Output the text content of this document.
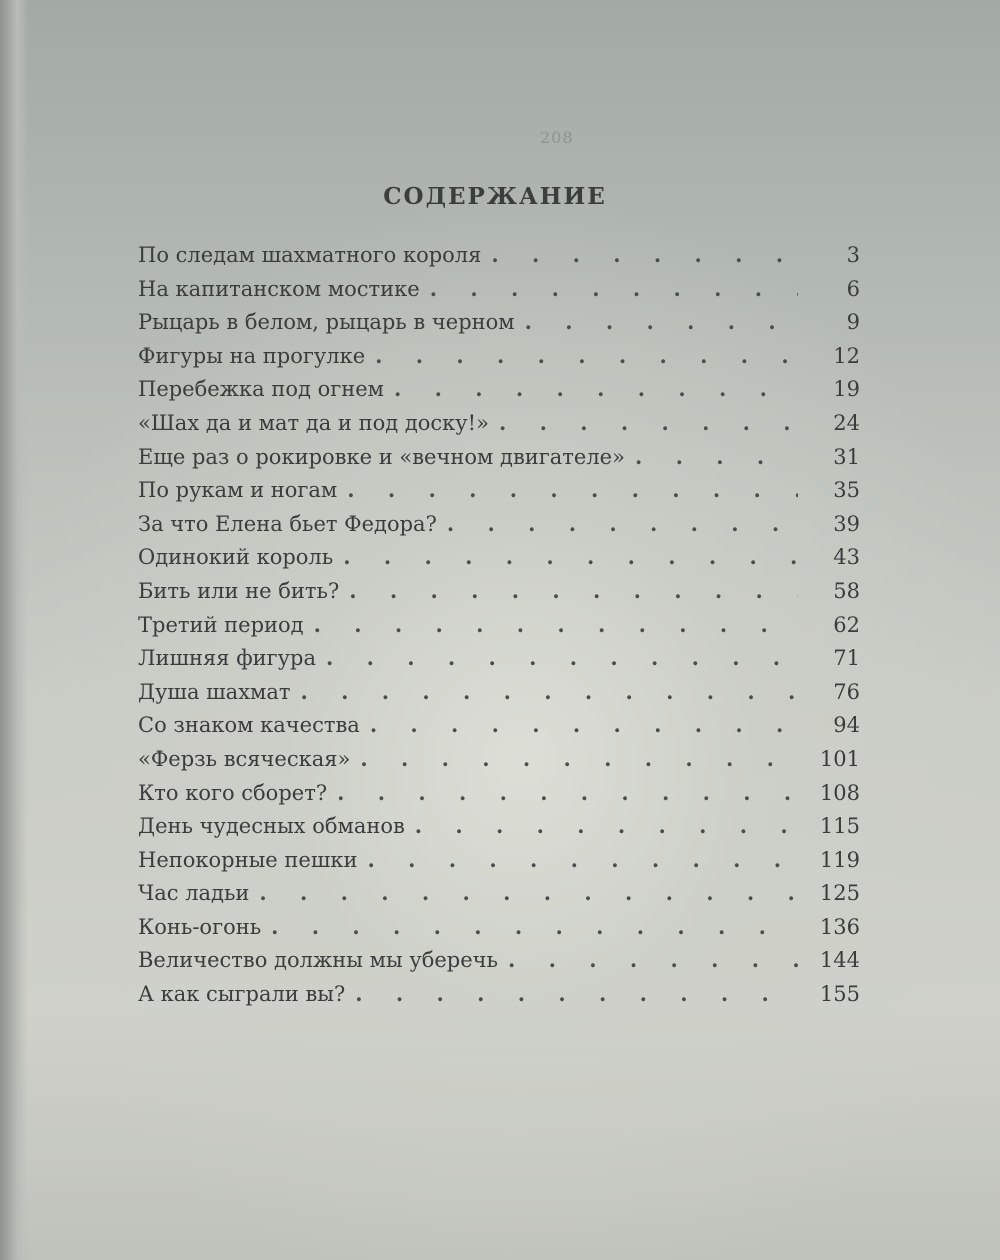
208
СОДЕРЖАНИЕ
По следам шахматного короля . . .	3
На капитанском мостике . . .	6
Рыцарь в белом, рыцарь в черном . . .	9
Фигуры на прогулке . . .	12
Перебежка под огнем . . .	19
«Шах да и мат да и под доску!» . . .	24
Еще раз о рокировке и «вечном двигателе» . . .	31
По рукам и ногам . . .	35
За что Елена бьет Федора? . . .	39
Одинокий король . . .	43
Бить или не бить? . . .	58
Третий период . . .	62
Лишняя фигура . . .	71
Душа шахмат . . .	76
Со знаком качества . . .	94
«Ферзь всяческая» . . .	101
Кто кого сборет? . . .	108
День чудесных обманов . . .	115
Непокорные пешки . . .	119
Час ладьи . . .	125
Конь-огонь . . .	136
Величество должны мы уберечь . . .	144
А как сыграли вы? . . .	155
